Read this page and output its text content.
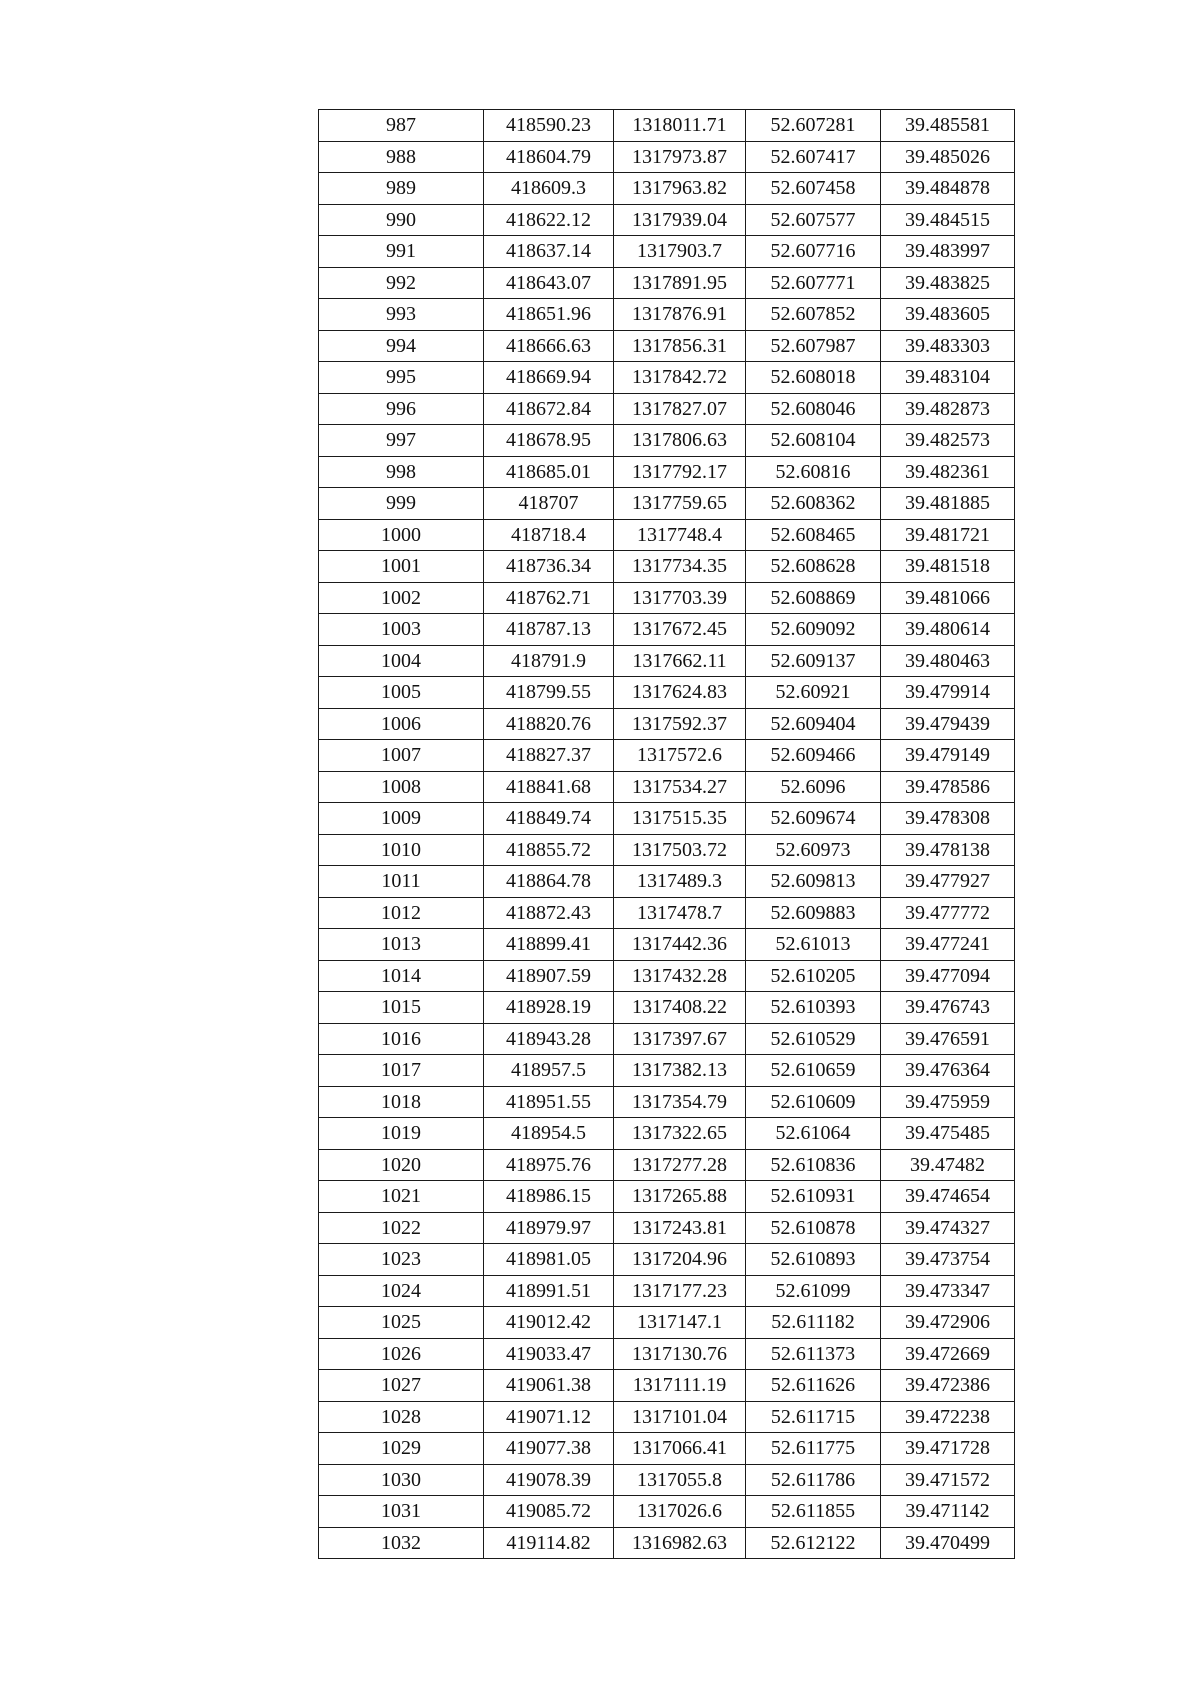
987	418590.23	1318011.71	52.607281	39.485581
988	418604.79	1317973.87	52.607417	39.485026
989	418609.3	1317963.82	52.607458	39.484878
990	418622.12	1317939.04	52.607577	39.484515
991	418637.14	1317903.7	52.607716	39.483997
992	418643.07	1317891.95	52.607771	39.483825
993	418651.96	1317876.91	52.607852	39.483605
994	418666.63	1317856.31	52.607987	39.483303
995	418669.94	1317842.72	52.608018	39.483104
996	418672.84	1317827.07	52.608046	39.482873
997	418678.95	1317806.63	52.608104	39.482573
998	418685.01	1317792.17	52.60816	39.482361
999	418707	1317759.65	52.608362	39.481885
1000	418718.4	1317748.4	52.608465	39.481721
1001	418736.34	1317734.35	52.608628	39.481518
1002	418762.71	1317703.39	52.608869	39.481066
1003	418787.13	1317672.45	52.609092	39.480614
1004	418791.9	1317662.11	52.609137	39.480463
1005	418799.55	1317624.83	52.60921	39.479914
1006	418820.76	1317592.37	52.609404	39.479439
1007	418827.37	1317572.6	52.609466	39.479149
1008	418841.68	1317534.27	52.6096	39.478586
1009	418849.74	1317515.35	52.609674	39.478308
1010	418855.72	1317503.72	52.60973	39.478138
1011	418864.78	1317489.3	52.609813	39.477927
1012	418872.43	1317478.7	52.609883	39.477772
1013	418899.41	1317442.36	52.61013	39.477241
1014	418907.59	1317432.28	52.610205	39.477094
1015	418928.19	1317408.22	52.610393	39.476743
1016	418943.28	1317397.67	52.610529	39.476591
1017	418957.5	1317382.13	52.610659	39.476364
1018	418951.55	1317354.79	52.610609	39.475959
1019	418954.5	1317322.65	52.61064	39.475485
1020	418975.76	1317277.28	52.610836	39.47482
1021	418986.15	1317265.88	52.610931	39.474654
1022	418979.97	1317243.81	52.610878	39.474327
1023	418981.05	1317204.96	52.610893	39.473754
1024	418991.51	1317177.23	52.61099	39.473347
1025	419012.42	1317147.1	52.611182	39.472906
1026	419033.47	1317130.76	52.611373	39.472669
1027	419061.38	1317111.19	52.611626	39.472386
1028	419071.12	1317101.04	52.611715	39.472238
1029	419077.38	1317066.41	52.611775	39.471728
1030	419078.39	1317055.8	52.611786	39.471572
1031	419085.72	1317026.6	52.611855	39.471142
1032	419114.82	1316982.63	52.612122	39.470499
